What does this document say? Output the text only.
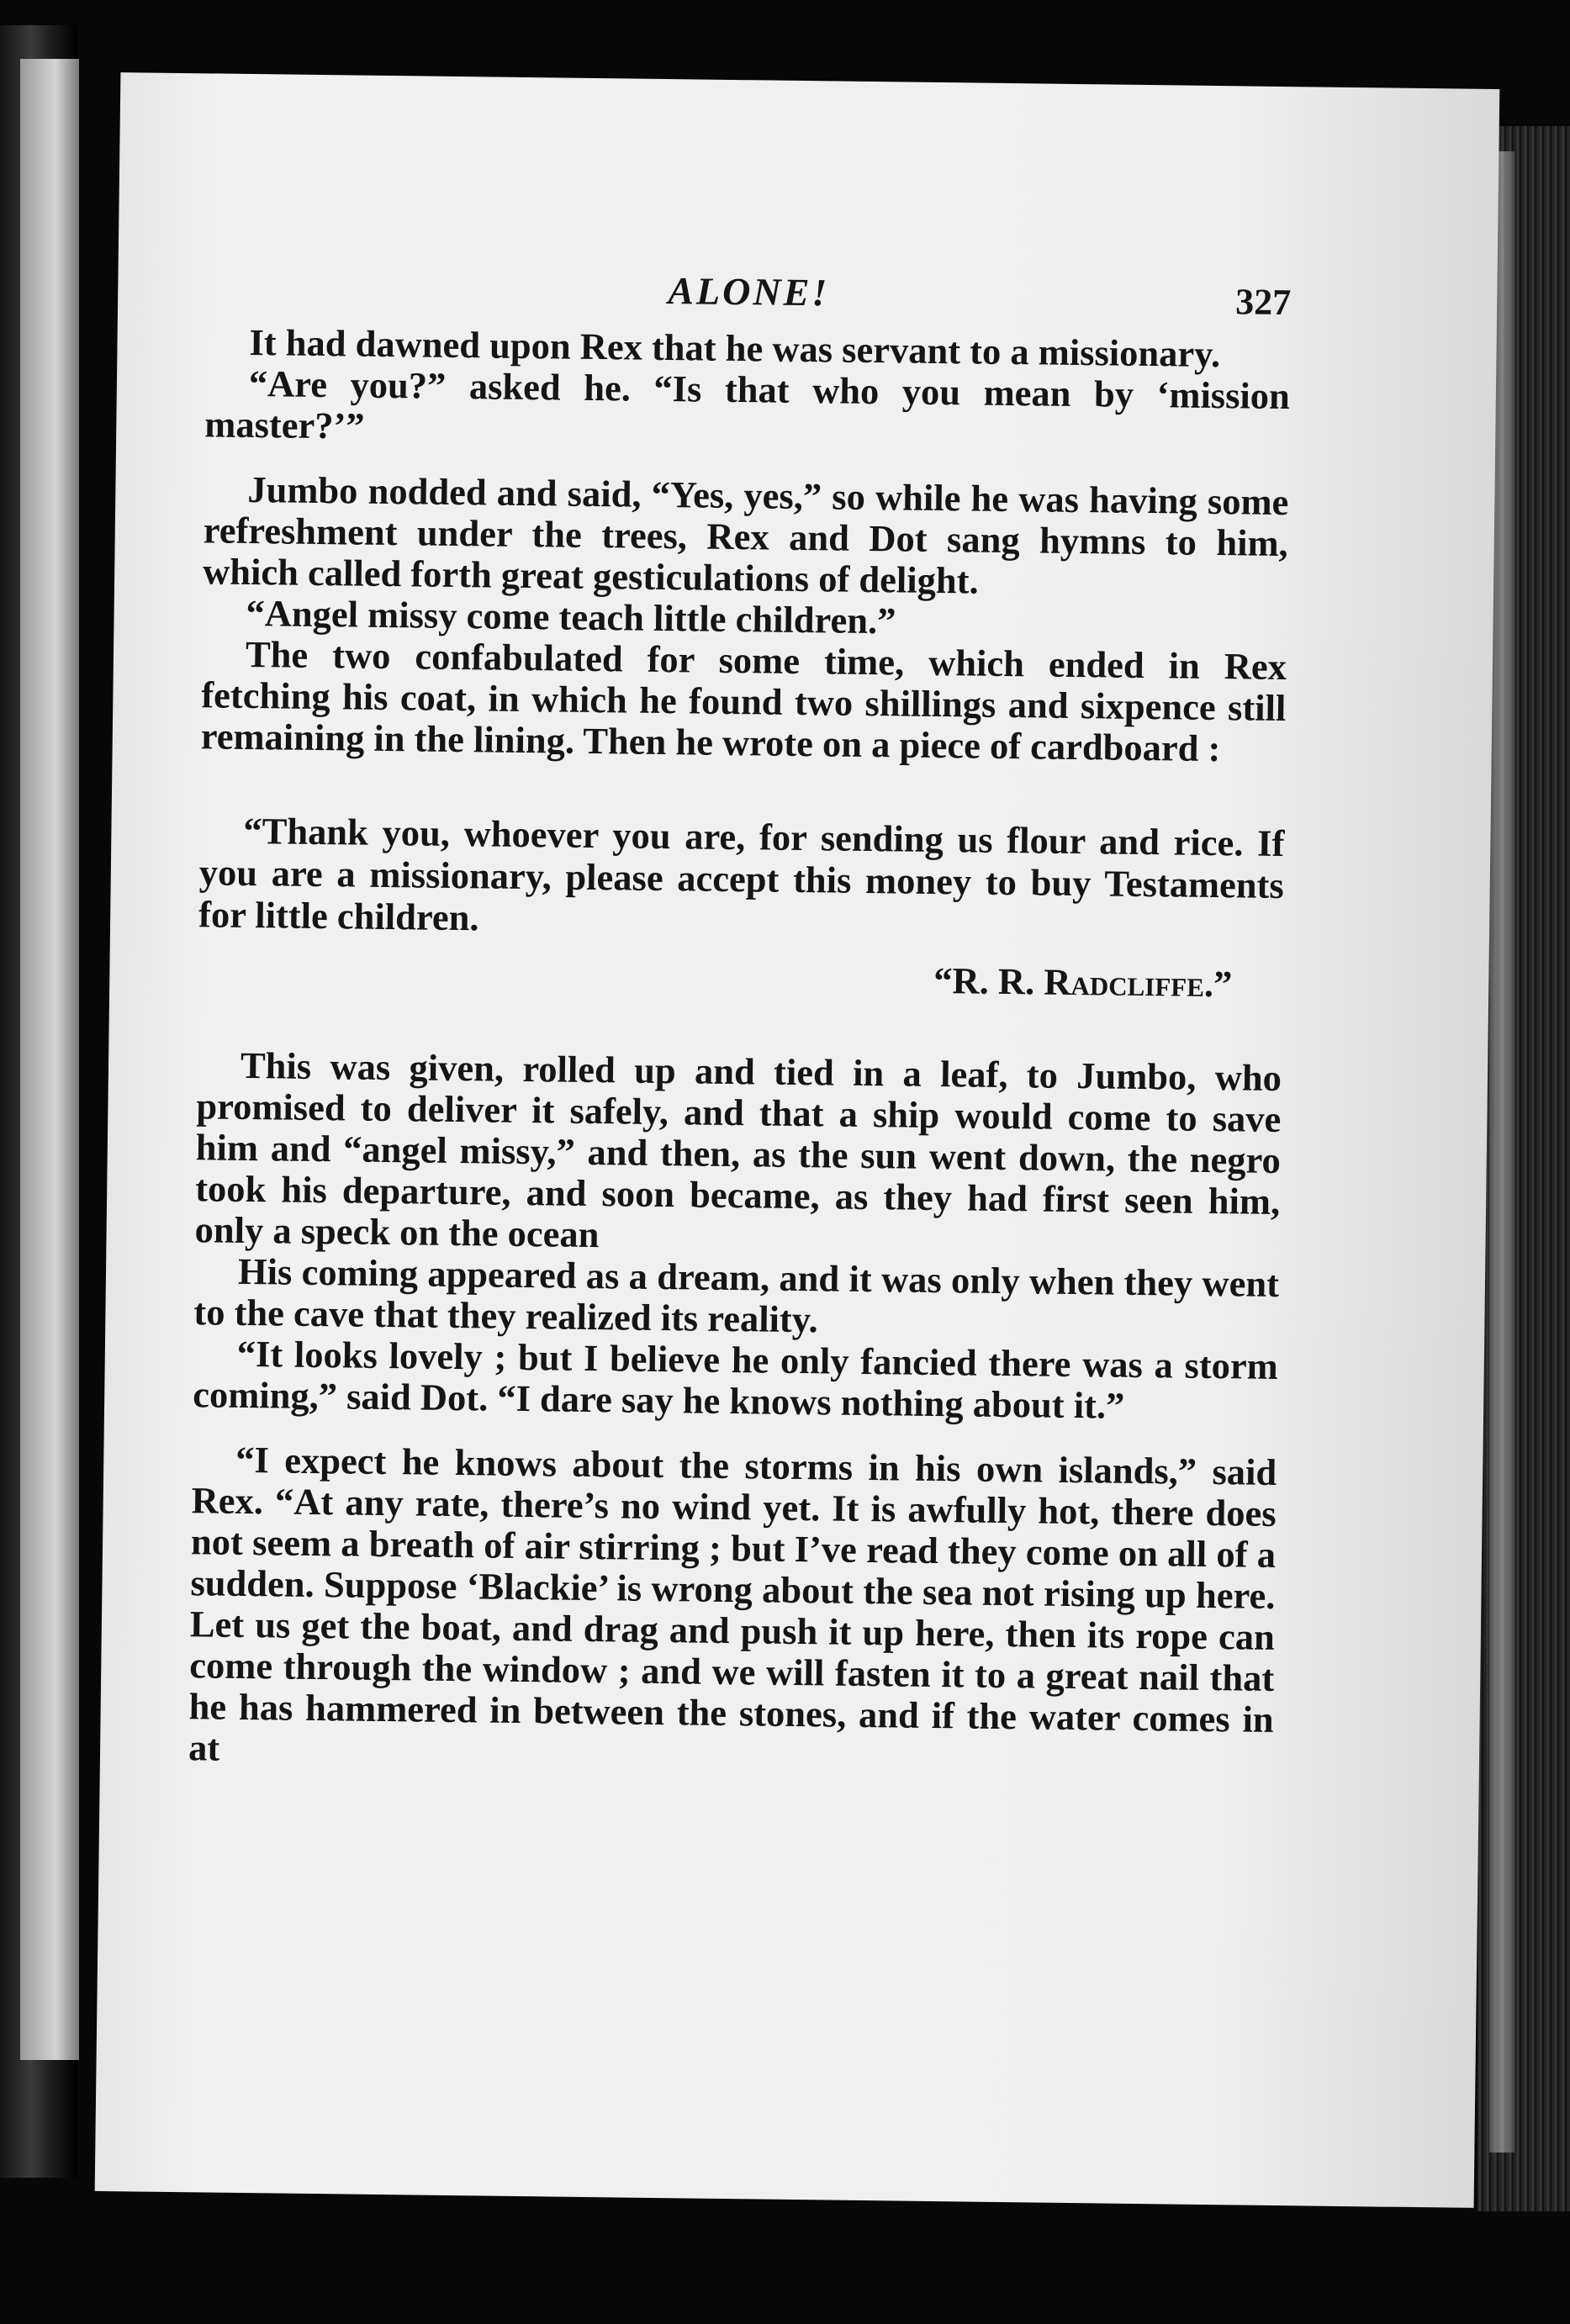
ALONE!	327

It had dawned upon Rex that he was servant to a missionary.

“Are you?” asked he. “Is that who you mean by ‘mission master?’”

Jumbo nodded and said, “Yes, yes,” so while he was having some refreshment under the trees, Rex and Dot sang hymns to him, which called forth great gesticulations of delight.

“Angel missy come teach little children.”

The two confabulated for some time, which ended in Rex fetching his coat, in which he found two shillings and sixpence still remaining in the lining. Then he wrote on a piece of cardboard :

“Thank you, whoever you are, for sending us flour and rice. If you are a missionary, please accept this money to buy Testaments for little children.

“R. R. Radcliffe.”

This was given, rolled up and tied in a leaf, to Jumbo, who promised to deliver it safely, and that a ship would come to save him and “angel missy,” and then, as the sun went down, the negro took his departure, and soon became, as they had first seen him, only a speck on the ocean

His coming appeared as a dream, and it was only when they went to the cave that they realized its reality.

“It looks lovely ; but I believe he only fancied there was a storm coming,” said Dot. “I dare say he knows nothing about it.”

“I expect he knows about the storms in his own islands,” said Rex. “At any rate, there’s no wind yet. It is awfully hot, there does not seem a breath of air stirring ; but I’ve read they come on all of a sudden. Suppose ‘Blackie’ is wrong about the sea not rising up here. Let us get the boat, and drag and push it up here, then its rope can come through the window ; and we will fasten it to a great nail that he has hammered in between the stones, and if the water comes in at
